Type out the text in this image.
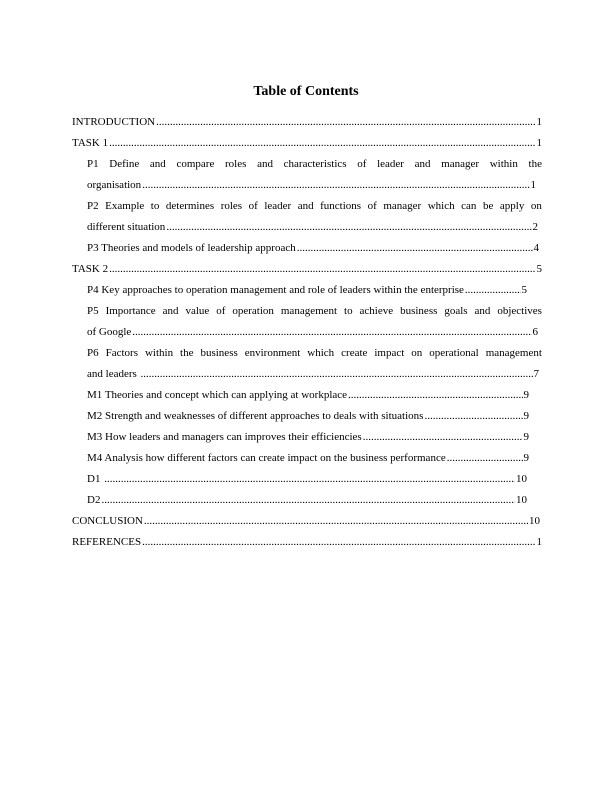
Table of Contents
INTRODUCTION .....	1
TASK 1 .....	1
P1 Define and compare roles and characteristics of leader and manager within the
organisation .....	1
P2 Example to determines roles of leader and functions of manager which can be apply on
different situation .....	2
P3 Theories and models of leadership approach .....	4
TASK 2 .....	5
P4 Key approaches to operation management and role of leaders within the enterprise .....	5
P5 Importance and value of operation management to achieve business goals and objectives
of Google .....	6
P6 Factors within the business environment which create impact on operational management
and leaders .....	7
M1 Theories and concept which can applying at workplace .....	9
M2 Strength and weaknesses of different approaches to deals with situations .....	9
M3 How leaders and managers can improves their efficiencies .....	9
M4 Analysis how different factors can create impact on the business performance .....	9
D1 .....	10
D2 .....	10
CONCLUSION .....	10
REFERENCES .....	1
